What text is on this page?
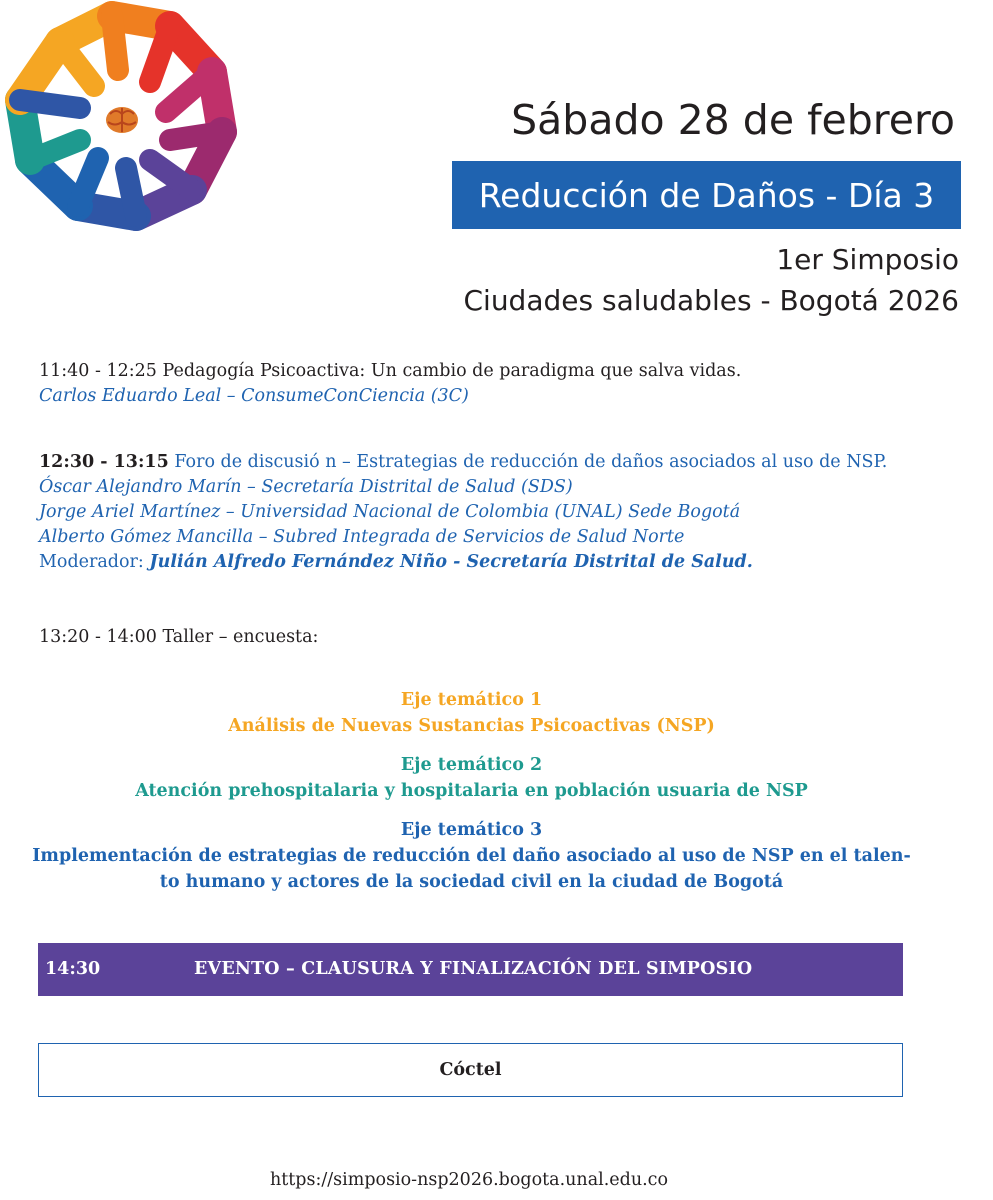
Sábado 28 de febrero
Reducción de Daños - Día 3
1er Simposio
Ciudades saludables - Bogotá 2026
11:40 - 12:25 Pedagogía Psicoactiva: Un cambio de paradigma que salva vidas.
Carlos Eduardo Leal – ConsumeConCiencia (3C)
12:30 - 13:15 Foro de discusió n – Estrategias de reducción de daños asociados al uso de NSP.
Óscar Alejandro Marín – Secretaría Distrital de Salud (SDS)
Jorge Ariel Martínez – Universidad Nacional de Colombia (UNAL) Sede Bogotá
Alberto Gómez Mancilla – Subred Integrada de Servicios de Salud Norte
Moderador: Julián Alfredo Fernández Niño - Secretaría Distrital de Salud.
13:20 - 14:00 Taller – encuesta:
Eje temático 1
Análisis de Nuevas Sustancias Psicoactivas (NSP)
Eje temático 2
Atención prehospitalaria y hospitalaria en población usuaria de NSP
Eje temático 3
Implementación de estrategias de reducción del daño asociado al uso de NSP en el talen-
to humano y actores de la sociedad civil en la ciudad de Bogotá
14:30	EVENTO – CLAUSURA Y FINALIZACIÓN DEL SIMPOSIO
Cóctel
https://simposio-nsp2026.bogota.unal.edu.co
